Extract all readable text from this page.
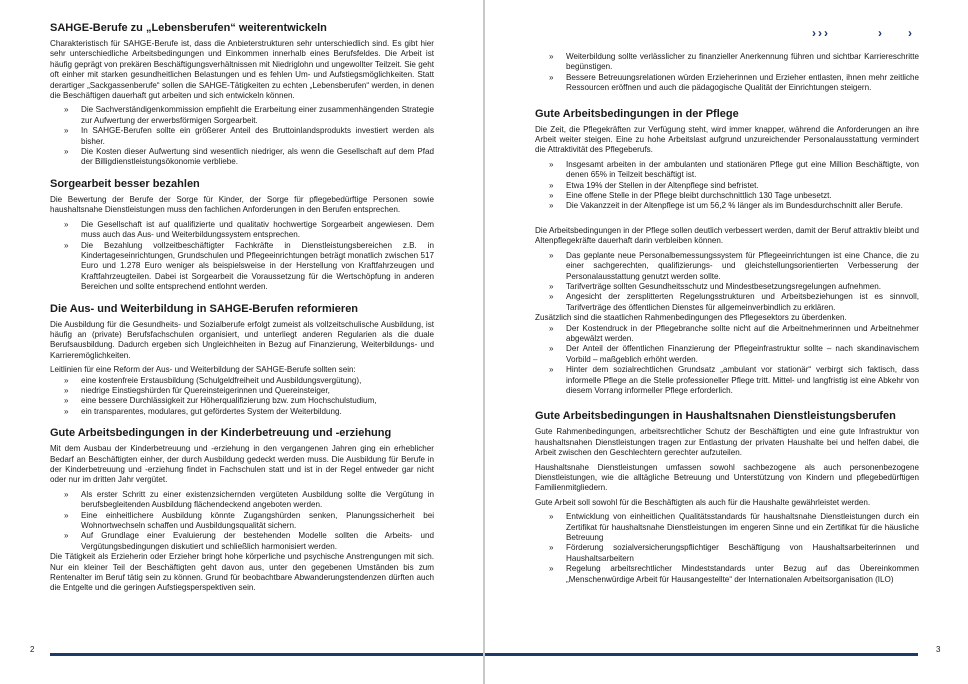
SAHGE-Berufe zu „Lebensberufen“ weiterentwickeln

Charakteristisch für SAHGE-Berufe ist, dass die Anbieterstrukturen sehr unterschiedlich sind. Es gibt hier sehr unterschiedliche Arbeitsbedingungen und Einkommen innerhalb eines Berufsfeldes. Die Arbeit ist häufig geprägt von prekären Beschäftigungsverhältnissen mit Niedriglohn und ungewollter Teilzeit. Sie geht oft einher mit starken gesundheitlichen Belastungen und es fehlen Um- und Aufstiegsmöglichkeiten. Statt derartiger „Sackgassenberufe“ sollen die SAHGE-Tätigkeiten zu echten „Lebensberufen“ werden, in denen die Beschäftigen dauerhaft gut arbeiten und sich entwickeln können.

» Die Sachverständigenkommission empfiehlt die Erarbeitung einer zusammenhängenden Strategie zur Aufwertung der erwerbsförmigen Sorgearbeit.
» In SAHGE-Berufen sollte ein größerer Anteil des Bruttoinlandsprodukts investiert werden als bisher.
» Die Kosten dieser Aufwertung sind wesentlich niedriger, als wenn die Gesellschaft auf dem Pfad der Billigdienstleistungsökonomie verbliebe.
Sorgearbeit besser bezahlen

Die Bewertung der Berufe der Sorge für Kinder, der Sorge für pflegebedürftige Personen sowie haushaltsnahe Dienstleistungen muss den fachlichen Anforderungen in den Berufen entsprechen.

» Die Gesellschaft ist auf qualifizierte und qualitativ hochwertige Sorgearbeit angewiesen. Dem muss auch das Aus- und Weiterbildungssystem entsprechen.
» Die Bezahlung vollzeitbeschäftigter Fachkräfte in Dienstleistungsbereichen z.B. in Kindertageseinrichtungen, Grundschulen und Pflegeeinrichtungen beträgt monatlich zwischen 517 Euro und 1.278 Euro weniger als beispielsweise in der Herstellung von Kraftfahrzeugen und Kraftfahrzeugteilen. Dabei ist Sorgearbeit die Voraussetzung für die Wertschöpfung in anderen Bereichen und sollte entsprechend entlohnt werden.
Die Aus- und Weiterbildung in SAHGE-Berufen reformieren

Die Ausbildung für die Gesundheits- und Sozialberufe erfolgt zumeist als vollzeitschulische Ausbildung, ist häufig an (private) Berufsfachschulen organisiert, und unterliegt anderen Regularien als die duale Berufsausbildung. Dadurch ergeben sich Ungleichheiten in Bezug auf Finanzierung, Weiterbildungs- und Karrieremöglichkeiten.

Leitlinien für eine Reform der Aus- und Weiterbildung der SAHGE-Berufe sollten sein:

» eine kostenfreie Erstausbildung (Schulgeldfreiheit und Ausbildungsvergütung),
» niedrige Einstiegshürden für Quereinsteigerinnen und Quereinsteiger,
» eine bessere Durchlässigkeit zur Höherqualifizierung bzw. zum Hochschulstudium,
» ein transparentes, modulares, gut gefördertes System der Weiterbildung.
Gute Arbeitsbedingungen in der Kinderbetreuung und -erziehung

Mit dem Ausbau der Kinderbetreuung und -erziehung in den vergangenen Jahren ging ein erheblicher Bedarf an Beschäftigten einher, der durch Ausbildung gedeckt werden muss. Die Ausbildung für Berufe in der Kinderbetreuung und -erziehung findet in Fachschulen statt und ist in der Regel entweder gar nicht oder nur im dritten Jahr vergütet.

» Als erster Schritt zu einer existenzsichernden vergüteten Ausbildung sollte die Vergütung in berufsbegleitenden Ausbildung flächendeckend angeboten werden.
» Eine einheitlichere Ausbildung könnte Zugangshürden senken, Planungssicherheit bei Wohnortwechseln schaffen und Ausbildungsqualität sichern.
» Auf Grundlage einer Evaluierung der bestehenden Modelle sollten die Arbeits- und Vergütungsbedingungen diskutiert und schließlich harmonisiert werden.

Die Tätigkeit als Erzieherin oder Erzieher bringt hohe körperliche und psychische Anstrengungen mit sich. Nur ein kleiner Teil der Beschäftigten geht davon aus, unter den gegebenen Umständen bis zum Rentenalter im Beruf tätig sein zu können. Grund für beobachtbare Abwanderungstendenzen dürften auch die Entgelte und die geringen Aufstiegsperspektiven sein.

2
›››	› ›
» Weiterbildung sollte verlässlicher zu finanzieller Anerkennung führen und sichtbar Karriereschritte begünstigen.
» Bessere Betreuungsrelationen würden Erzieherinnen und Erzieher entlasten, ihnen mehr zeitliche Ressourcen eröffnen und auch die pädagogische Qualität der Einrichtungen steigern.
Gute Arbeitsbedingungen in der Pflege

Die Zeit, die Pflegekräften zur Verfügung steht, wird immer knapper, während die Anforderungen an ihre Arbeit weiter steigen. Eine zu hohe Arbeitslast aufgrund unzureichender Personalausstattung vermindert die Attraktivität des Pflegeberufs.

» Insgesamt arbeiten in der ambulanten und stationären Pflege gut eine Million Beschäftigte, von denen 65% in Teilzeit beschäftigt ist.
» Etwa 19% der Stellen in der Altenpflege sind befristet.
» Eine offene Stelle in der Pflege bleibt durchschnittlich 130 Tage unbesetzt.
» Die Vakanzzeit in der Altenpflege ist um 56,2 % länger als im Bundesdurchschnitt aller Berufe.

Die Arbeitsbedingungen in der Pflege sollen deutlich verbessert werden, damit der Beruf attraktiv bleibt und Altenpflegekräfte dauerhaft darin verbleiben können.

» Das geplante neue Personalbemessungssystem für Pflegeeinrichtungen ist eine Chance, die zu einer sachgerechten, qualifizierungs- und gleichstellungsorientierten Verbesserung der Personalausstattung genutzt werden sollte.
» Tarifverträge sollten Gesundheitsschutz und Mindestbesetzungsregelungen aufnehmen.
» Angesicht der zersplitterten Regelungsstrukturen und Arbeitsbeziehungen ist es sinnvoll, Tarifverträge des öffentlichen Dienstes für allgemeinverbindlich zu erklären.

Zusätzlich sind die staatlichen Rahmenbedingungen des Pflegesektors zu überdenken.

» Der Kostendruck in der Pflegebranche sollte nicht auf die Arbeitnehmerinnen und Arbeitnehmer abgewälzt werden.
» Der Anteil der öffentlichen Finanzierung der Pflegeinfrastruktur sollte – nach skandinavischem Vorbild – maßgeblich erhöht werden.
» Hinter dem sozialrechtlichen Grundsatz „ambulant vor stationär“ verbirgt sich faktisch, dass informelle Pflege an die Stelle professioneller Pflege tritt. Mittel- und langfristig ist eine Abkehr von diesem Vorrang informeller Pflege erforderlich.
Gute Arbeitsbedingungen in Haushaltsnahen Dienstleistungsberufen

Gute Rahmenbedingungen, arbeitsrechtlicher Schutz der Beschäftigten und eine gute Infrastruktur von haushaltsnahen Dienstleistungen tragen zur Entlastung der privaten Haushalte bei und helfen dabei, die Arbeit zwischen den Geschlechtern gerechter aufzuteilen.

Haushaltsnahe Dienstleistungen umfassen sowohl sachbezogene als auch personenbezogene Dienstleistungen, wie die alltägliche Betreuung und Unterstützung von Kindern und pflegebedürftigen Familienmitgliedern.

Gute Arbeit soll sowohl für die Beschäftigten als auch für die Haushalte gewährleistet werden.

» Entwicklung von einheitlichen Qualitätsstandards für haushaltsnahe Dienstleistungen durch ein Zertifikat für haushaltsnahe Dienstleistungen im engeren Sinne und ein Zertifikat für die häusliche Betreuung
» Förderung sozialversicherungspflichtiger Beschäftigung von Haushaltsarbeiterinnen und Haushaltsarbeitern
» Regelung arbeitsrechtlicher Mindeststandards unter Bezug auf das Übereinkommen „Menschenwürdige Arbeit für Hausangestellte“ der Internationalen Arbeitsorganisation (ILO)
3
